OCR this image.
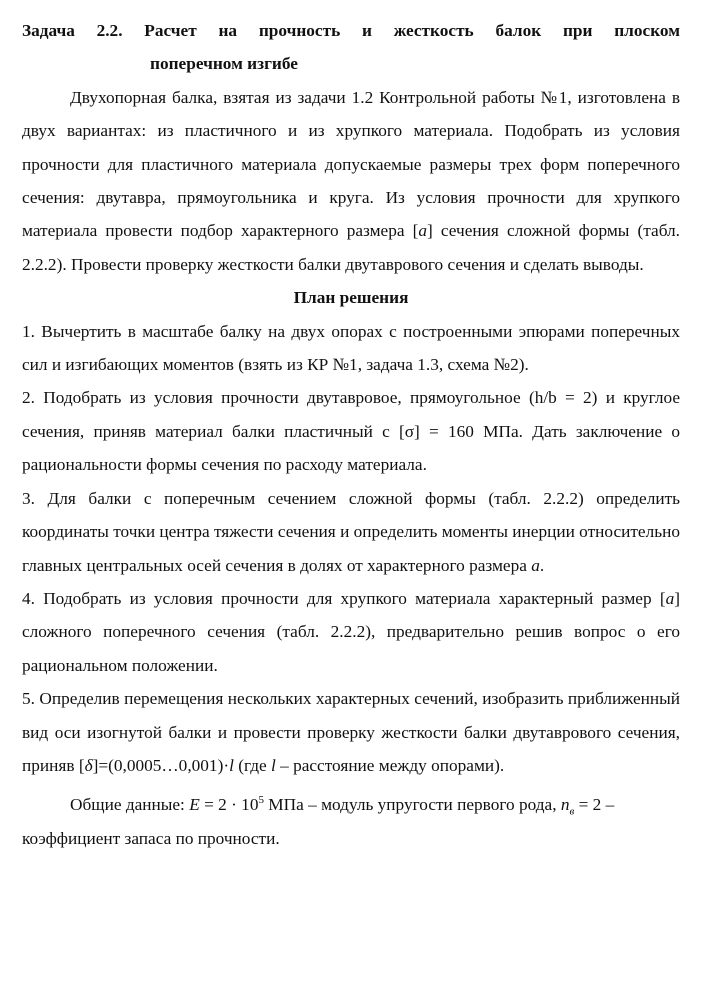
Задача 2.2. Расчет на прочность и жесткость балок при плоском
поперечном изгибе

Двухопорная балка, взятая из задачи 1.2 Контрольной работы №1, изготовлена в двух вариантах: из пластичного и из хрупкого материала. Подобрать из условия прочности для пластичного материала допускаемые размеры трех форм поперечного сечения: двутавра, прямоугольника и круга. Из условия прочности для хрупкого материала провести подбор характерного размера [a] сечения сложной формы (табл. 2.2.2). Провести проверку жесткости балки двутаврового сечения и сделать выводы.

План решения

1. Вычертить в масштабе балку на двух опорах с построенными эпюрами поперечных сил и изгибающих моментов (взять из КР №1, задача 1.3, схема №2).

2. Подобрать из условия прочности двутавровое, прямоугольное (h/b = 2) и круглое сечения, приняв материал балки пластичный с [σ] = 160 МПа. Дать заключение о рациональности формы сечения по расходу материала.

3. Для балки с поперечным сечением сложной формы (табл. 2.2.2) определить координаты точки центра тяжести сечения и определить моменты инерции относительно главных центральных осей сечения в долях от характерного размера a.

4. Подобрать из условия прочности для хрупкого материала характерный размер [a] сложного поперечного сечения (табл. 2.2.2), предварительно решив вопрос о его рациональном положении.

5. Определив перемещения нескольких характерных сечений, изобразить приближенный вид оси изогнутой балки и провести проверку жесткости балки двутаврового сечения, приняв [δ]=(0,0005…0,001)·l (где l – расстояние между опорами).

Общие данные: $E = 2 \cdot 10^5$ МПа – модуль упругости первого рода, $n_в = 2$ –

коэффициент запаса по прочности.
